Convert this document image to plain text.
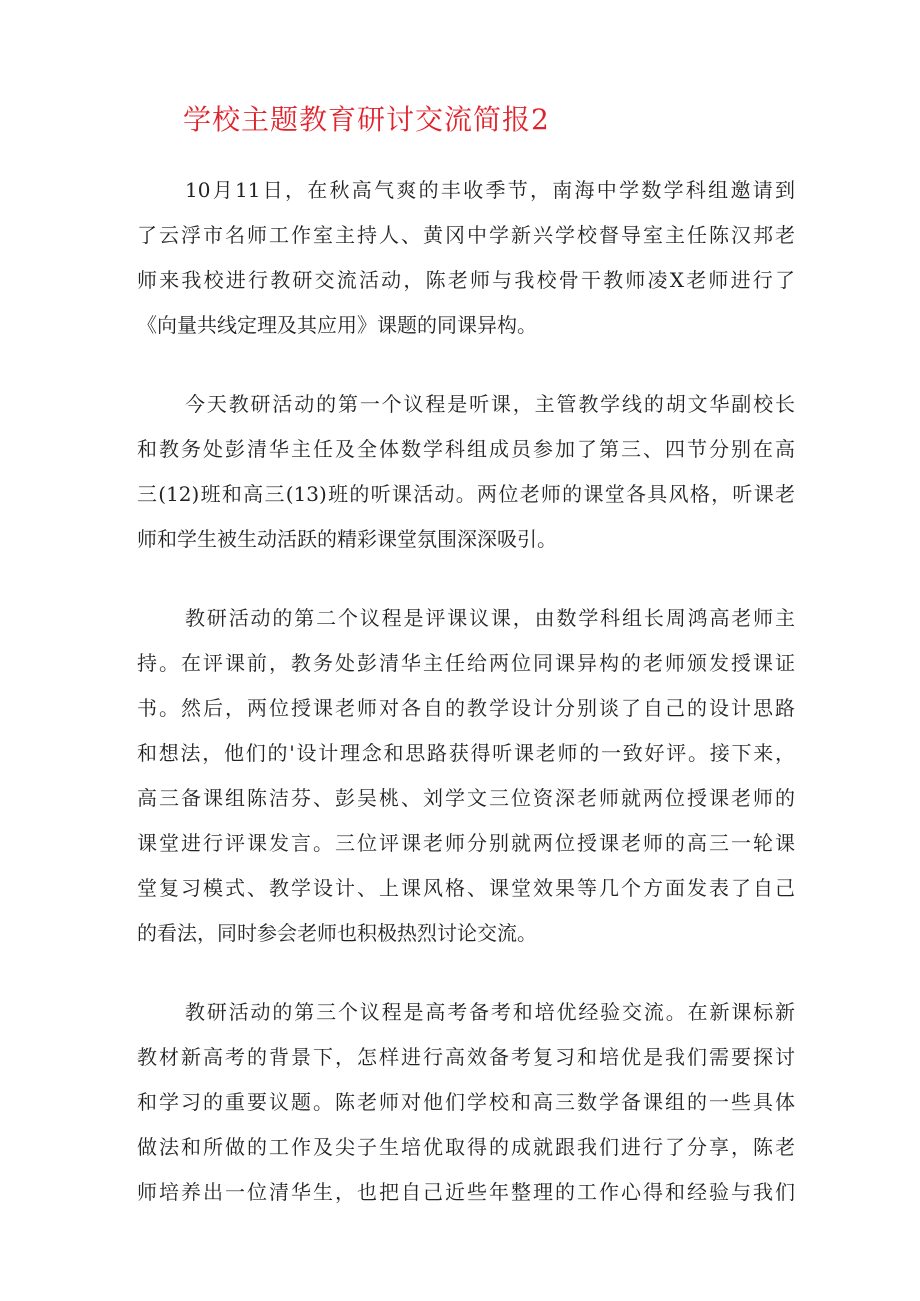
学校主题教育研讨交流简报2

10月11日，在秋高气爽的丰收季节，南海中学数学科组邀请到
了云浮市名师工作室主持人、黄冈中学新兴学校督导室主任陈汉邦老
师来我校进行教研交流活动，陈老师与我校骨干教师凌X老师进行了
《向量共线定理及其应用》课题的同课异构。

今天教研活动的第一个议程是听课，主管教学线的胡文华副校长
和教务处彭清华主任及全体数学科组成员参加了第三、四节分别在高
三(12)班和高三(13)班的听课活动。两位老师的课堂各具风格，听课老
师和学生被生动活跃的精彩课堂氛围深深吸引。

教研活动的第二个议程是评课议课，由数学科组长周鸿高老师主
持。在评课前，教务处彭清华主任给两位同课异构的老师颁发授课证
书。然后，两位授课老师对各自的教学设计分别谈了自己的设计思路
和想法，他们的'设计理念和思路获得听课老师的一致好评。接下来，
高三备课组陈洁芬、彭吴桃、刘学文三位资深老师就两位授课老师的
课堂进行评课发言。三位评课老师分别就两位授课老师的高三一轮课
堂复习模式、教学设计、上课风格、课堂效果等几个方面发表了自己
的看法，同时参会老师也积极热烈讨论交流。

教研活动的第三个议程是高考备考和培优经验交流。在新课标新
教材新高考的背景下，怎样进行高效备考复习和培优是我们需要探讨
和学习的重要议题。陈老师对他们学校和高三数学备课组的一些具体
做法和所做的工作及尖子生培优取得的成就跟我们进行了分享，陈老
师培养出一位清华生，也把自己近些年整理的工作心得和经验与我们
